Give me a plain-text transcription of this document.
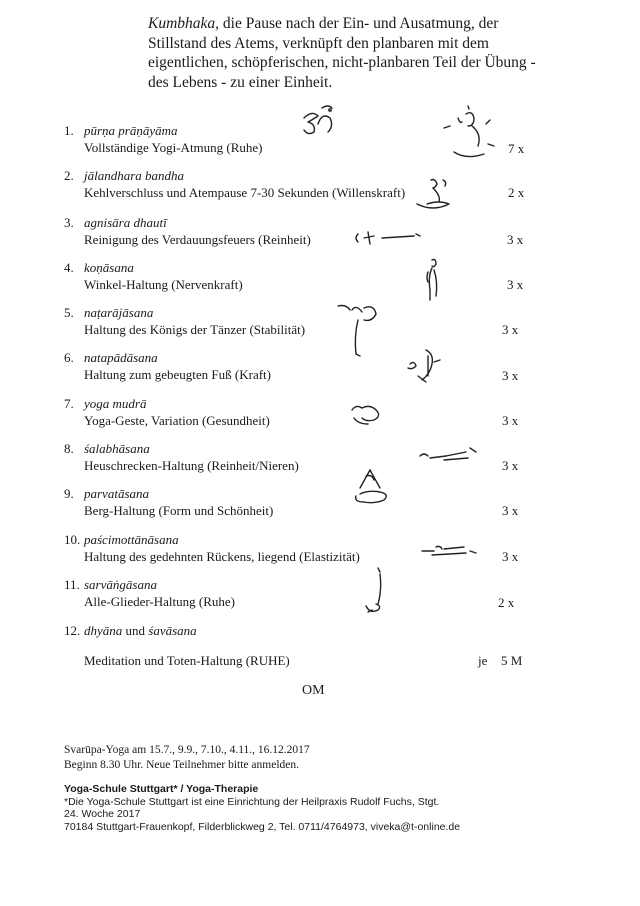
Kumbhaka, die Pause nach der Ein- und Ausatmung, der Stillstand des Atems, verknüpft den planbaren mit dem eigentlichen, schöpferischen, nicht-planbaren Teil der Übung - des Lebens - zu einer Einheit.
1. pūrṇa prāṇāyāma
Vollständige Yogi-Atmung (Ruhe)	7 x
2. jālandhara bandha
Kehlverschluss und Atempause 7-30 Sekunden (Willenskraft)	2 x
3. agnisāra dhautī
Reinigung des Verdauungsfeuers (Reinheit)	3 x
4. koṇāsana
Winkel-Haltung (Nervenkraft)	3 x
5. naṭarājāsana
Haltung des Königs der Tänzer (Stabilität)	3 x
6. natapādāsana
Haltung zum gebeugten Fuß (Kraft)	3 x
7. yoga mudrā
Yoga-Geste, Variation (Gesundheit)	3 x
8. śalabhāsana
Heuschrecken-Haltung (Reinheit/Nieren)	3 x
9. parvatāsana
Berg-Haltung (Form und Schönheit)	3 x
10. paścimottānāsana
Haltung des gedehnten Rückens, liegend (Elastizität)	3 x
11. sarvāṅgāsana
Alle-Glieder-Haltung (Ruhe)	2 x
12. dhyāna und śavāsana
Meditation und Toten-Haltung (RUHE)	je 5 M
OM
Svarūpa-Yoga am 15.7., 9.9., 7.10., 4.11., 16.12.2017
Beginn 8.30 Uhr. Neue Teilnehmer bitte anmelden.
Yoga-Schule Stuttgart* / Yoga-Therapie
*Die Yoga-Schule Stuttgart ist eine Einrichtung der Heilpraxis Rudolf Fuchs, Stgt.
24. Woche 2017
70184 Stuttgart-Frauenkopf, Filderblickweg 2, Tel. 0711/4764973, viveka@t-online.de
